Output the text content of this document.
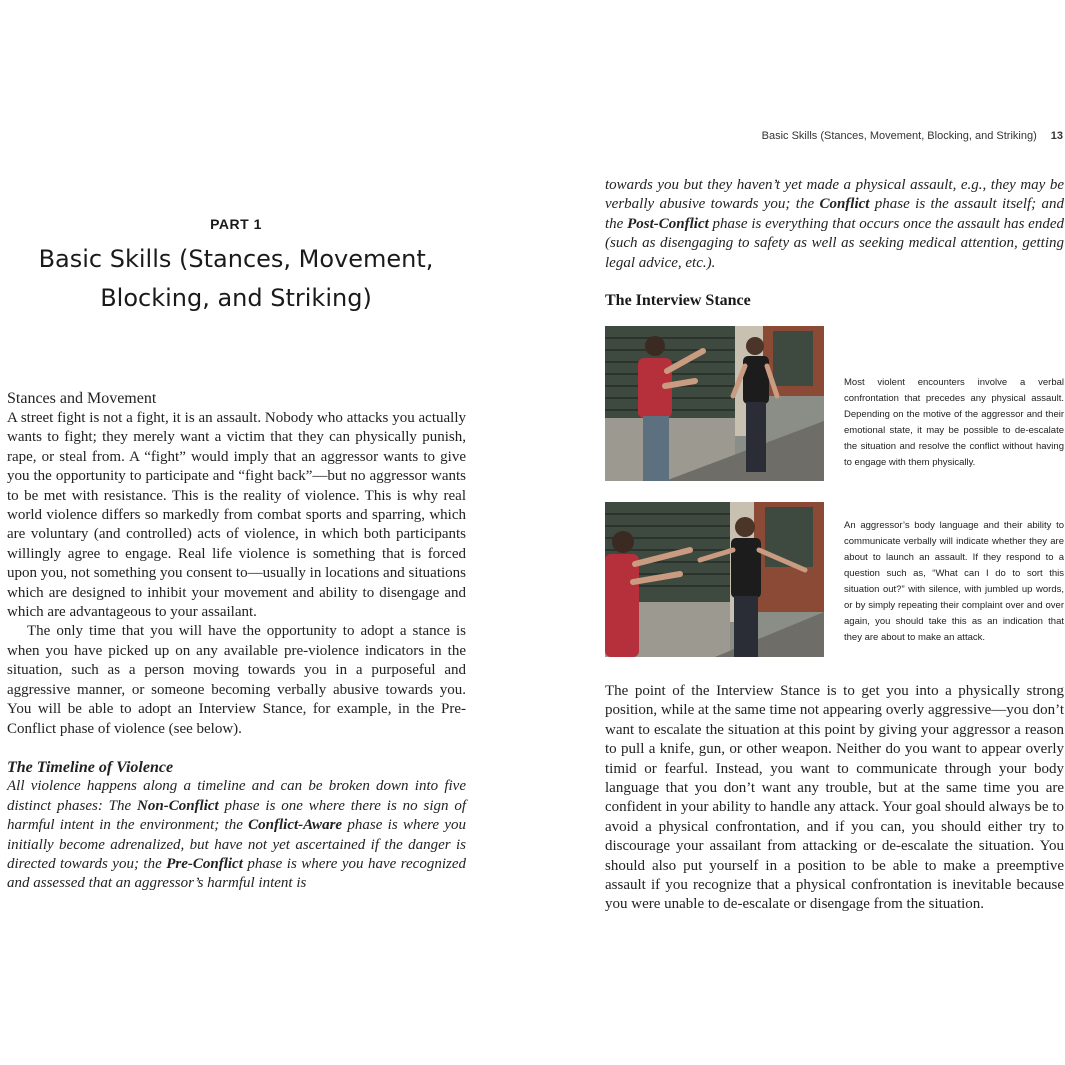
PART 1
Basic Skills (Stances, Movement,
Blocking, and Striking)
Stances and Movement

A street fight is not a fight, it is an assault. Nobody who attacks you actually wants to fight; they merely want a victim that they can physically punish, rape, or steal from. A “fight” would imply that an aggressor wants to give you the opportunity to participate and “fight back”—but no aggressor wants to be met with resistance. This is the reality of violence. This is why real world violence differs so markedly from combat sports and sparring, which are voluntary (and controlled) acts of violence, in which both participants willingly agree to engage. Real life violence is something that is forced upon you, not something you consent to—usually in locations and situations which are designed to inhibit your movement and ability to disengage and which are advantageous to your assailant.

The only time that you will have the opportunity to adopt a stance is when you have picked up on any available pre-violence indicators in the situation, such as a person moving towards you in a purposeful and aggressive manner, or someone becoming verbally abusive towards you. You will be able to adopt an Interview Stance, for example, in the Pre-Conflict phase of violence (see below).

The Timeline of Violence

All violence happens along a timeline and can be broken down into five distinct phases: The Non-Conflict phase is one where there is no sign of harmful intent in the environment; the Conflict-Aware phase is where you initially become adrenalized, but have not yet ascertained if the danger is directed towards you; the Pre-Conflict phase is where you have recognized and assessed that an aggressor’s harmful intent is

Basic Skills (Stances, Movement, Blocking, and Striking) 13

towards you but they haven’t yet made a physical assault, e.g., they may be verbally abusive towards you; the Conflict phase is the assault itself; and the Post-Conflict phase is everything that occurs once the assault has ended (such as disengaging to safety as well as seeking medical attention, getting legal advice, etc.).

The Interview Stance
Most violent encounters involve a verbal confrontation that precedes any physical assault. Depending on the motive of the aggressor and their emotional state, it may be possible to de-escalate the situation and resolve the conflict without having to engage with them physically.
An aggressor’s body language and their ability to communicate verbally will indicate whether they are about to launch an assault. If they respond to a question such as, “What can I do to sort this situation out?” with silence, with jumbled up words, or by simply repeating their complaint over and over again, you should take this as an indication that they are about to make an attack.

The point of the Interview Stance is to get you into a physically strong position, while at the same time not appearing overly aggressive—you don’t want to escalate the situation at this point by giving your aggressor a reason to pull a knife, gun, or other weapon. Neither do you want to appear overly timid or fearful. Instead, you want to communicate through your body language that you don’t want any trouble, but at the same time you are confident in your ability to handle any attack. Your goal should always be to avoid a physical confrontation, and if you can, you should either try to discourage your assailant from attacking or de-escalate the situation. You should also put yourself in a position to be able to make a preemptive assault if you recognize that a physical confrontation is inevitable because you were unable to de-escalate or disengage from the situation.
